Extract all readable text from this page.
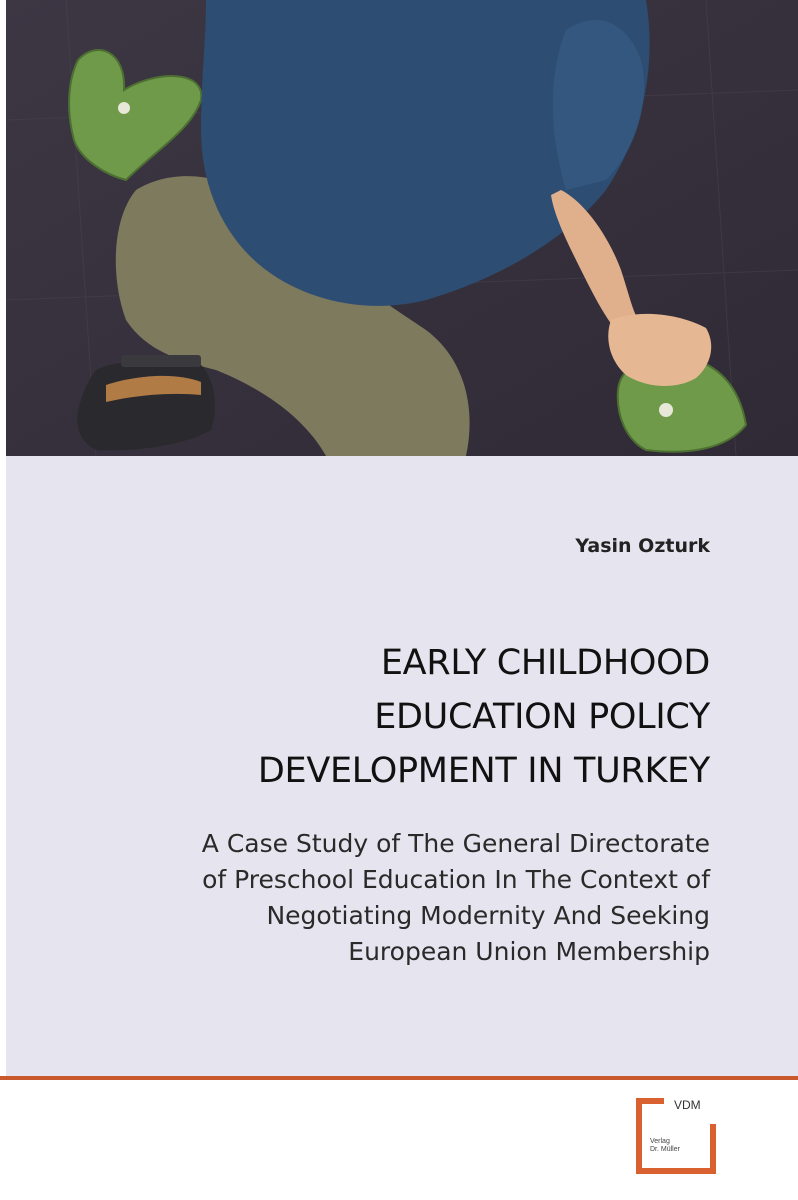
Yasin Ozturk
EARLY CHILDHOOD
EDUCATION POLICY
DEVELOPMENT IN TURKEY
A Case Study of The General Directorate
of Preschool Education In The Context of
Negotiating Modernity And Seeking
European Union Membership
VDM
Verlag
Dr. Müller
